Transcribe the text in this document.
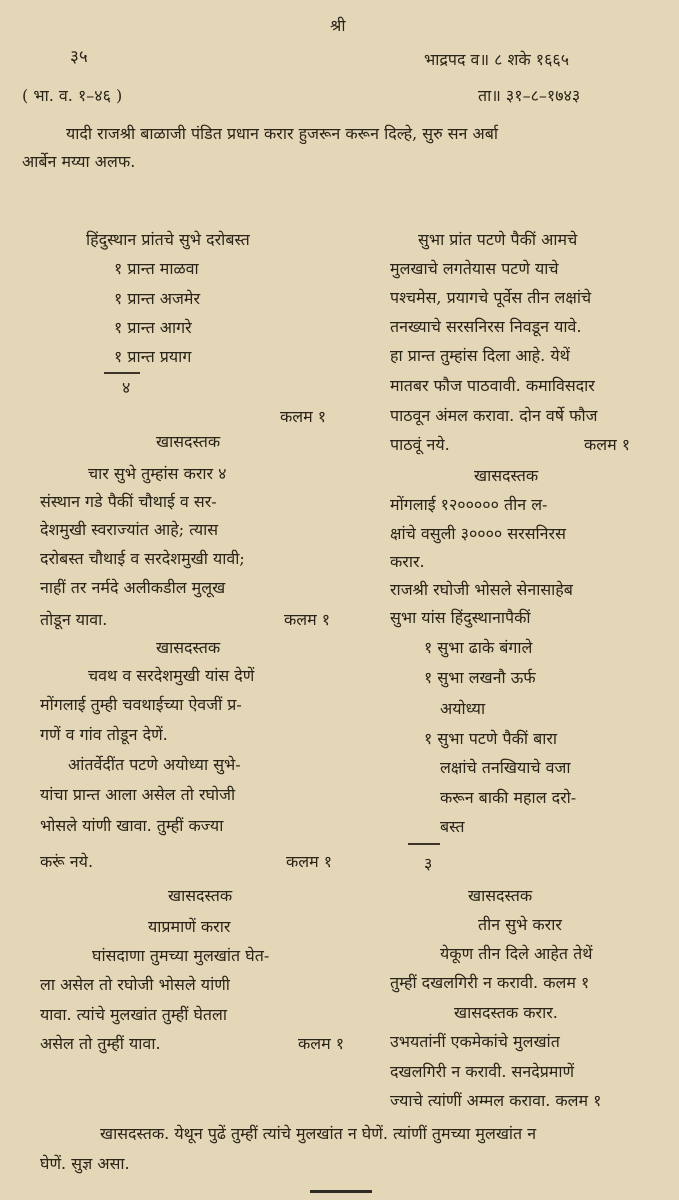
श्री
३५	भाद्रपद व॥ ८ शके १६६५
( भा. व. १–४६ )	ता॥ ३१–८–१७४३
यादी राजश्री बाळाजी पंडित प्रधान करार हुजरून करून दिल्हे, सुरु सन अर्बा
आर्बेन मय्या अलफ.
हिंदुस्थान प्रांतचे सुभे दरोबस्त
१ प्रान्त माळवा
१ प्रान्त अजमेर
१ प्रान्त आगरे
१ प्रान्त प्रयाग
४
कलम १
खासदस्तक
चार सुभे तुम्हांस करार ४
संस्थान गडे पैकीं चौथाई व सर-
देशमुखी स्वराज्यांत आहे; त्यास
दरोबस्त चौथाई व सरदेशमुखी यावी;
नाहीं तर नर्मदे अलीकडील मुलूख
तोडून यावा.	कलम १
खासदस्तक
चवथ व सरदेशमुखी यांस देणें
मोंगलाई तुम्ही चवथाईच्या ऐवजीं प्र-
गणें व गांव तोडून देणें.
आंतर्वेदींत पटणे अयोध्या सुभे-
यांचा प्रान्त आला असेल तो रघोजी
भोसले यांणी खावा. तुम्हीं कज्या
करूं नये.	कलम १
खासदस्तक
याप्रमाणें करार
घांसदाणा तुमच्या मुलखांत घेत-
ला असेल तो रघोजी भोसले यांणी
यावा. त्यांचे मुलखांत तुम्हीं घेतला
असेल तो तुम्हीं यावा.	कलम १
सुभा प्रांत पटणे पैकीं आमचे
मुलखाचे लगतेयास पटणे याचे
पश्चमेस, प्रयागचे पूर्वेस तीन लक्षांचे
तनख्याचे सरसनिरस निवडून यावे.
हा प्रान्त तुम्हांस दिला आहे. येथें
मातबर फौज पाठवावी. कमाविसदार
पाठवून अंमल करावा. दोन वर्षे फौज
पाठवूं नये.	कलम १
खासदस्तक
मोंगलाई १२००००० तीन ल-
क्षांचे वसुली ३०००० सरसनिरस
करार.
राजश्री रघोजी भोसले सेनासाहेब
सुभा यांस हिंदुस्थानापैकीं
१ सुभा ढाके बंगाले
१ सुभा लखनौ ऊर्फ
अयोध्या
१ सुभा पटणे पैकीं बारा
लक्षांचे तनखियाचे वजा
करून बाकी महाल दरो-
बस्त
३
खासदस्तक
तीन सुभे करार
येकूण तीन दिले आहेत तेथें
तुम्हीं दखलगिरी न करावी. कलम १
खासदस्तक करार.
उभयतांनीं एकमेकांचे मुलखांत
दखलगिरी न करावी. सनदेप्रमाणें
ज्याचे त्यांणीं अम्मल करावा. कलम १
खासदस्तक. येथून पुढें तुम्हीं त्यांचे मुलखांत न घेणें. त्यांणीं तुमच्या मुलखांत न
घेणें. सुज्ञ असा.
